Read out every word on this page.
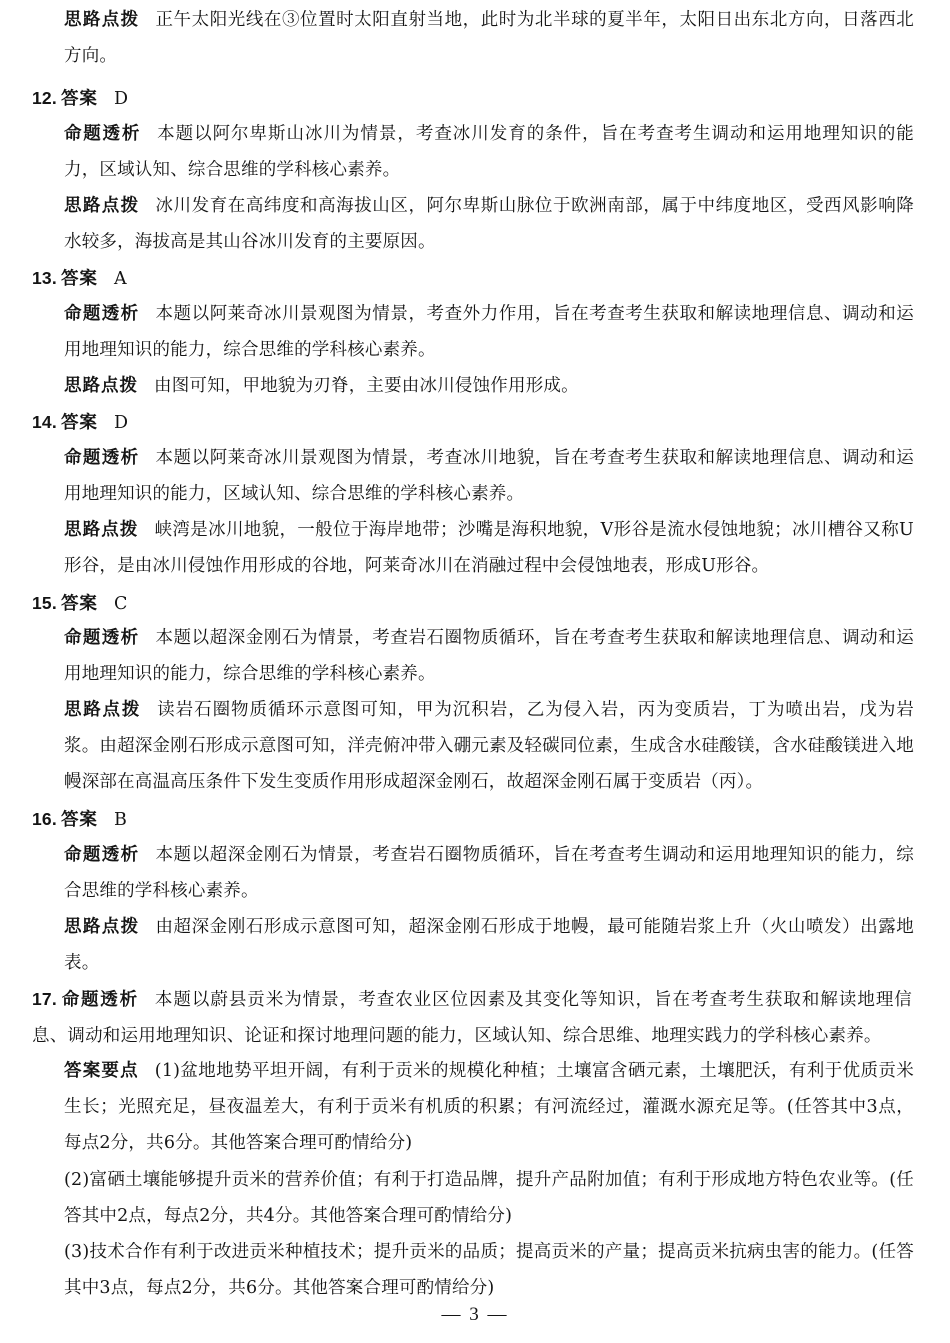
思路点拨 正午太阳光线在③位置时太阳直射当地，此时为北半球的夏半年，太阳日出东北方向，日落西北方向。

12. 答案 D

命题透析 本题以阿尔卑斯山冰川为情景，考查冰川发育的条件，旨在考查考生调动和运用地理知识的能力，区域认知、综合思维的学科核心素养。

思路点拨 冰川发育在高纬度和高海拔山区，阿尔卑斯山脉位于欧洲南部，属于中纬度地区，受西风影响降水较多，海拔高是其山谷冰川发育的主要原因。

13. 答案 A

命题透析 本题以阿莱奇冰川景观图为情景，考查外力作用，旨在考查考生获取和解读地理信息、调动和运用地理知识的能力，综合思维的学科核心素养。

思路点拨 由图可知，甲地貌为刃脊，主要由冰川侵蚀作用形成。

14. 答案 D

命题透析 本题以阿莱奇冰川景观图为情景，考查冰川地貌，旨在考查考生获取和解读地理信息、调动和运用地理知识的能力，区域认知、综合思维的学科核心素养。

思路点拨 峡湾是冰川地貌，一般位于海岸地带；沙嘴是海积地貌，V形谷是流水侵蚀地貌；冰川槽谷又称U形谷，是由冰川侵蚀作用形成的谷地，阿莱奇冰川在消融过程中会侵蚀地表，形成U形谷。

15. 答案 C

命题透析 本题以超深金刚石为情景，考查岩石圈物质循环，旨在考查考生获取和解读地理信息、调动和运用地理知识的能力，综合思维的学科核心素养。

思路点拨 读岩石圈物质循环示意图可知，甲为沉积岩，乙为侵入岩，丙为变质岩，丁为喷出岩，戊为岩浆。由超深金刚石形成示意图可知，洋壳俯冲带入硼元素及轻碳同位素，生成含水硅酸镁，含水硅酸镁进入地幔深部在高温高压条件下发生变质作用形成超深金刚石，故超深金刚石属于变质岩（丙）。

16. 答案 B

命题透析 本题以超深金刚石为情景，考查岩石圈物质循环，旨在考查考生调动和运用地理知识的能力，综合思维的学科核心素养。

思路点拨 由超深金刚石形成示意图可知，超深金刚石形成于地幔，最可能随岩浆上升（火山喷发）出露地表。

17. 命题透析 本题以蔚县贡米为情景，考查农业区位因素及其变化等知识，旨在考查考生获取和解读地理信息、调动和运用地理知识、论证和探讨地理问题的能力，区域认知、综合思维、地理实践力的学科核心素养。

答案要点 (1)盆地地势平坦开阔，有利于贡米的规模化种植；土壤富含硒元素，土壤肥沃，有利于优质贡米生长；光照充足，昼夜温差大，有利于贡米有机质的积累；有河流经过，灌溉水源充足等。(任答其中3点，每点2分，共6分。其他答案合理可酌情给分)

(2)富硒土壤能够提升贡米的营养价值；有利于打造品牌，提升产品附加值；有利于形成地方特色农业等。(任答其中2点，每点2分，共4分。其他答案合理可酌情给分)

(3)技术合作有利于改进贡米种植技术；提升贡米的品质；提高贡米的产量；提高贡米抗病虫害的能力。(任答其中3点，每点2分，共6分。其他答案合理可酌情给分)

— 3 —
